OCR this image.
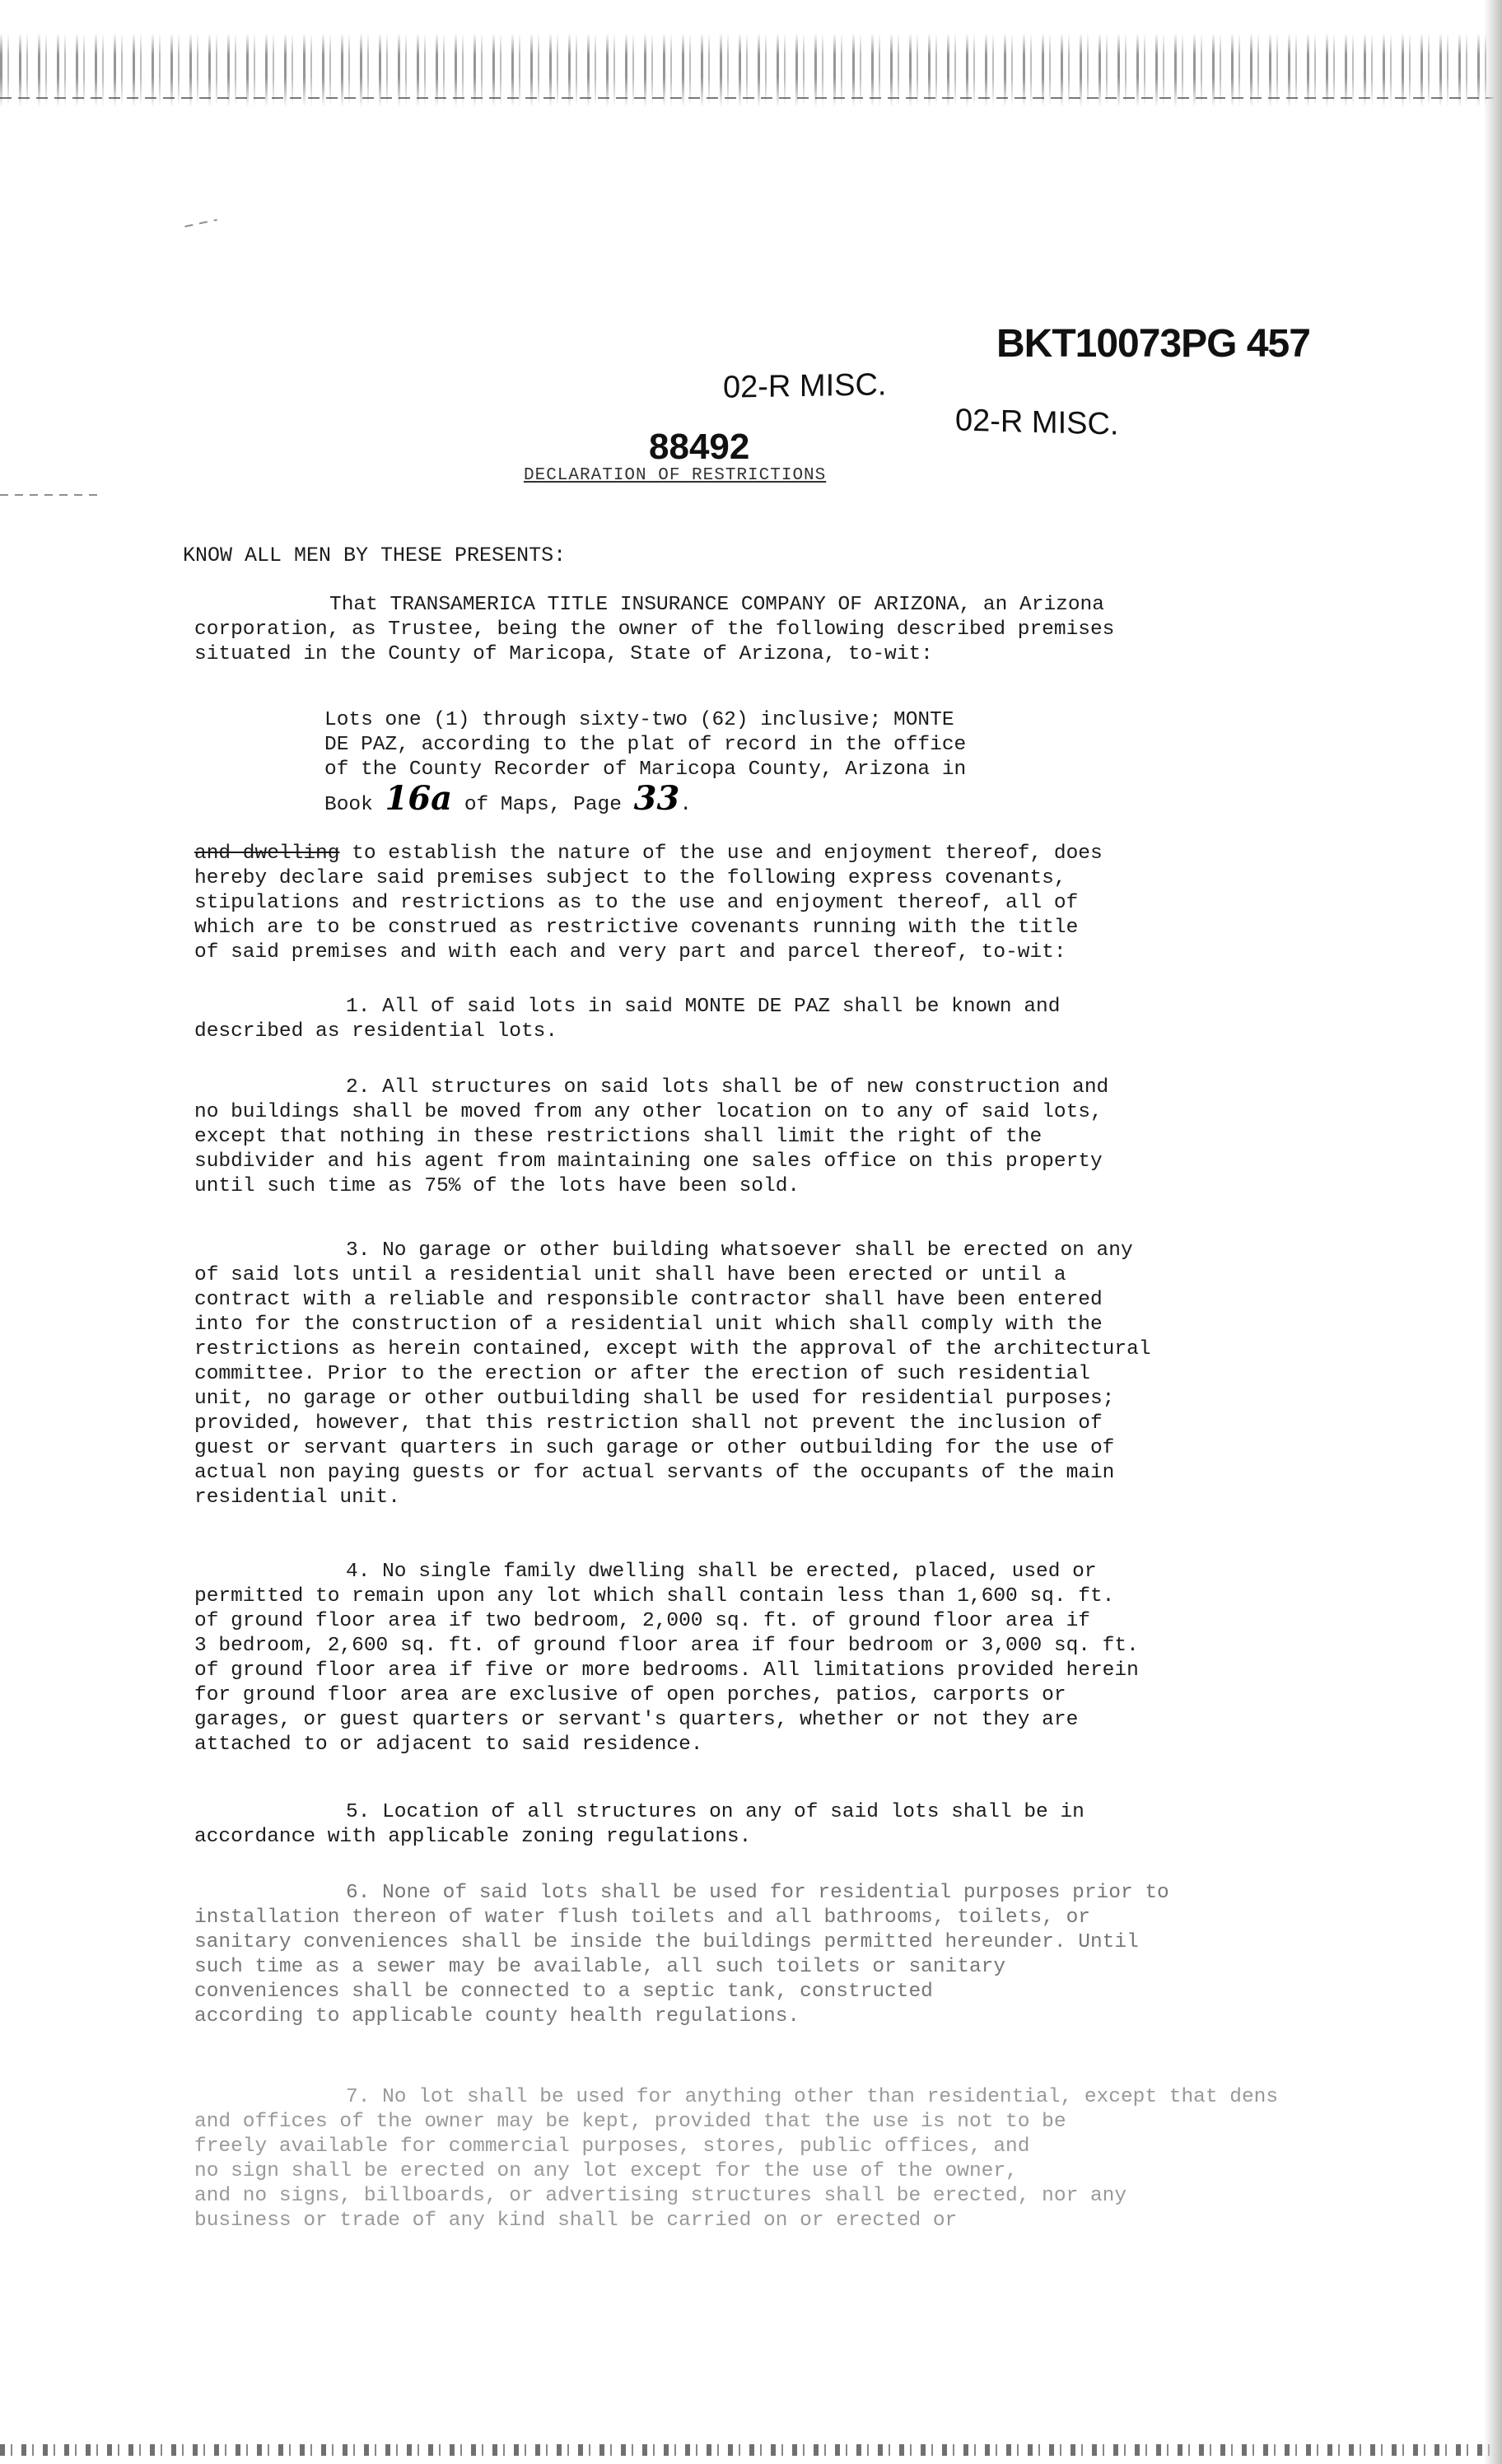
BKT10073PG 457
02-R MISC.
02-R MISC.
88492
DECLARATION OF RESTRICTIONS
KNOW ALL MEN BY THESE PRESENTS:
That TRANSAMERICA TITLE INSURANCE COMPANY OF ARIZONA, an Arizona
corporation, as Trustee, being the owner of the following described premises
situated in the County of Maricopa, State of Arizona, to-wit:
Lots one (1) through sixty-two (62) inclusive; MONTE
DE PAZ, according to the plat of record in the office
of the County Recorder of Maricopa County, Arizona in
Book 16a of Maps, Page 33.
and dwelling to establish the nature of the use and enjoyment thereof, does
hereby declare said premises subject to the following express covenants,
stipulations and restrictions as to the use and enjoyment thereof, all of
which are to be construed as restrictive covenants running with the title
of said premises and with each and very part and parcel thereof, to-wit:
1. All of said lots in said MONTE DE PAZ shall be known and
described as residential lots.
2. All structures on said lots shall be of new construction and
no buildings shall be moved from any other location on to any of said lots,
except that nothing in these restrictions shall limit the right of the
subdivider and his agent from maintaining one sales office on this property
until such time as 75% of the lots have been sold.
3. No garage or other building whatsoever shall be erected on any
of said lots until a residential unit shall have been erected or until a
contract with a reliable and responsible contractor shall have been entered
into for the construction of a residential unit which shall comply with the
restrictions as herein contained, except with the approval of the architectural
committee. Prior to the erection or after the erection of such residential
unit, no garage or other outbuilding shall be used for residential purposes;
provided, however, that this restriction shall not prevent the inclusion of
guest or servant quarters in such garage or other outbuilding for the use of
actual non paying guests or for actual servants of the occupants of the main
residential unit.
4. No single family dwelling shall be erected, placed, used or
permitted to remain upon any lot which shall contain less than 1,600 sq. ft.
of ground floor area if two bedroom, 2,000 sq. ft. of ground floor area if
3 bedroom, 2,600 sq. ft. of ground floor area if four bedroom or 3,000 sq. ft.
of ground floor area if five or more bedrooms. All limitations provided herein
for ground floor area are exclusive of open porches, patios, carports or
garages, or guest quarters or servant's quarters, whether or not they are
attached to or adjacent to said residence.
5. Location of all structures on any of said lots shall be in
accordance with applicable zoning regulations.
6. None of said lots shall be used for residential purposes prior to
installation thereon of water flush toilets and all bathrooms, toilets, or
sanitary conveniences shall be inside the buildings permitted hereunder. Until
such time as a sewer may be available, all such toilets or sanitary
conveniences shall be connected to a septic tank, constructed
according to applicable county health regulations.
7. No lot shall be used for anything other than residential, except that dens
and offices of the owner may be kept, provided that the use is not to be
freely available for commercial purposes, stores, public offices, and
no sign shall be erected on any lot except for the use of the owner,
and no signs, billboards, or advertising structures shall be erected, nor any
business or trade of any kind shall be carried on or erected or
